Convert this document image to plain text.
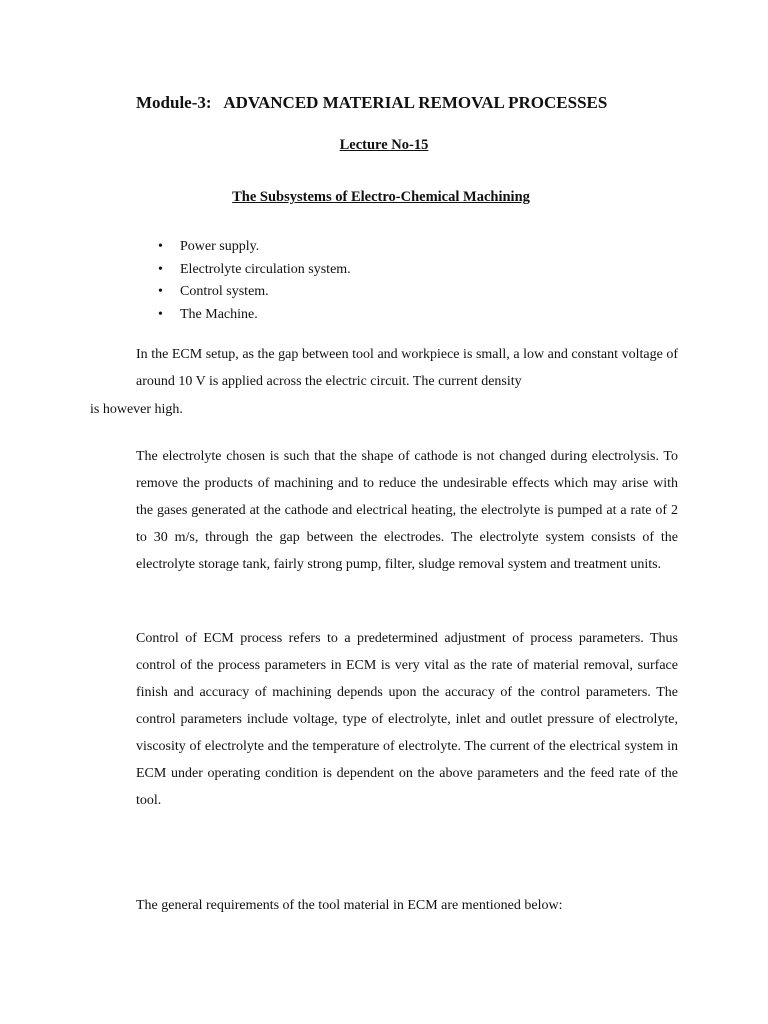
Module-3:   ADVANCED MATERIAL REMOVAL PROCESSES
Lecture No-15
The Subsystems of Electro-Chemical Machining
• Power supply.
• Electrolyte circulation system.
• Control system.
• The Machine.

In the ECM setup, as the gap between tool and workpiece is small, a low and constant voltage of around 10 V is applied across the electric circuit. The current density

is however high.

The electrolyte chosen is such that the shape of cathode is not changed during electrolysis. To remove the products of machining and to reduce the undesirable effects which may arise with the gases generated at the cathode and electrical heating, the electrolyte is pumped at a rate of 2 to 30 m/s, through the gap between the electrodes. The electrolyte system consists of the electrolyte storage tank, fairly strong pump, filter, sludge removal system and treatment units.

Control of ECM process refers to a predetermined adjustment of process parameters. Thus control of the process parameters in ECM is very vital as the rate of material removal, surface finish and accuracy of machining depends upon the accuracy of the control parameters. The control parameters include voltage, type of electrolyte, inlet and outlet pressure of electrolyte, viscosity of electrolyte and the temperature of electrolyte. The current of the electrical system in ECM under operating condition is dependent on the above parameters and the feed rate of the tool.

The general requirements of the tool material in ECM are mentioned below:
